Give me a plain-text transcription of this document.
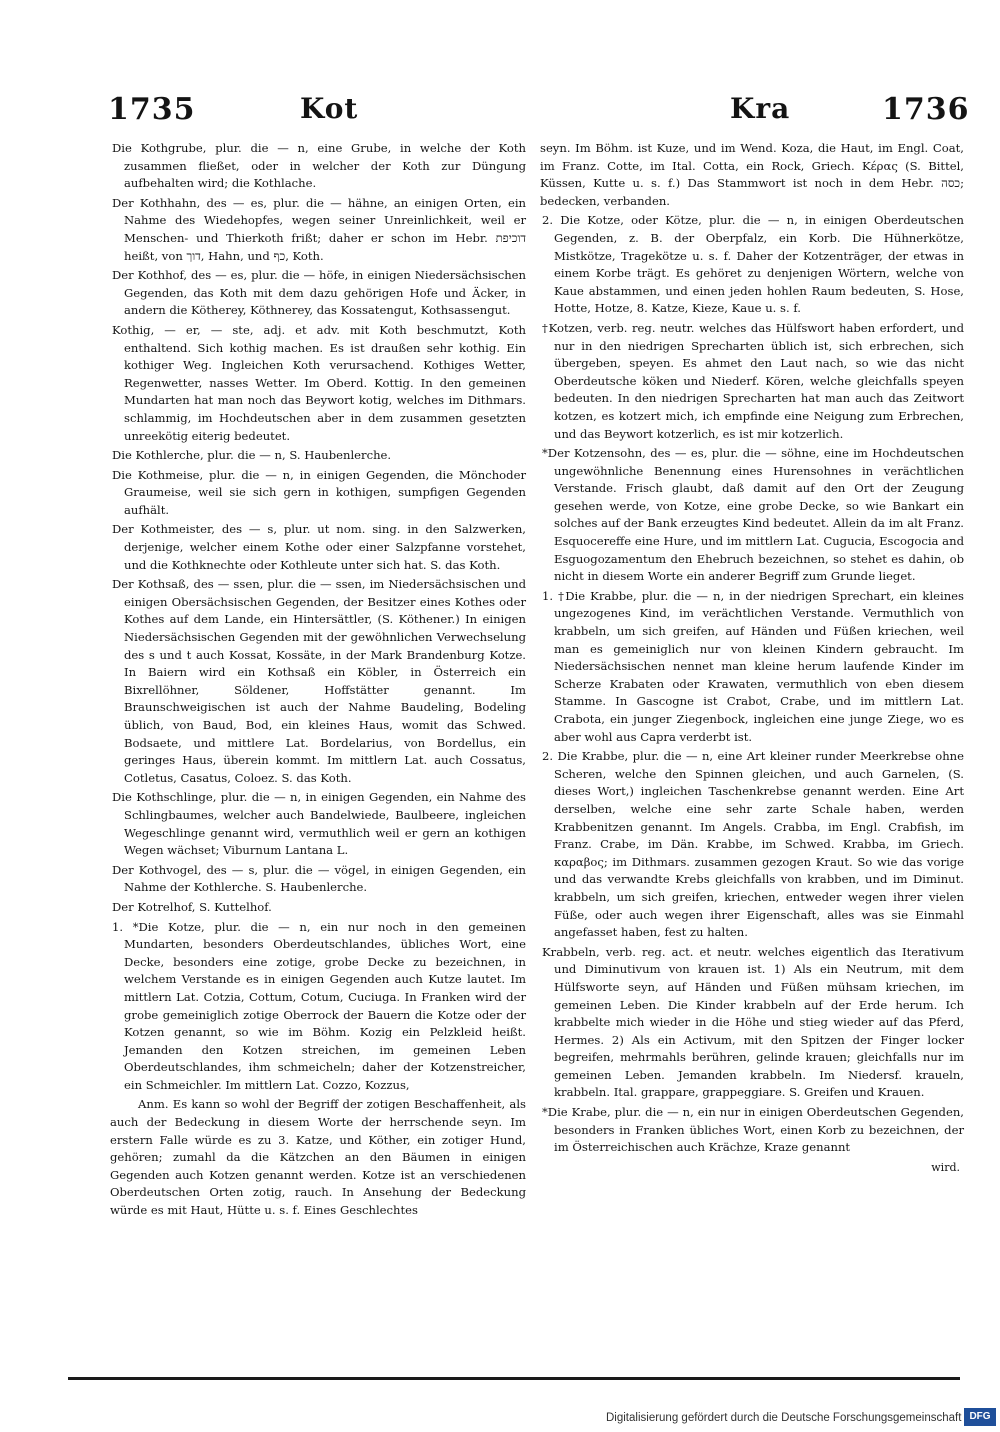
1735	Kot	Kra	1736

Die Kothgrube, plur. die — n, eine Grube, in welche der Koth zusammen fließet, oder in welcher der Koth zur Düngung aufbehalten wird; die Kothlache.

Der Kothhahn, des — es, plur. die — hähne, an einigen Orten, ein Nahme des Wiedehopfes, wegen seiner Unreinlichkeit, weil er Menschen- und Thierkoth frißt; daher er schon im Hebr. דוכיפת heißt, von דוך, Hahn, und כף, Koth.

Der Kothhof, des — es, plur. die — höfe, in einigen Niedersächsischen Gegenden, das Koth mit dem dazu gehörigen Hofe und Äcker, in andern die Kötherey, Köthnerey, das Kossatengut, Kothsassengut.

Kothig, — er, — ste, adj. et adv. mit Koth beschmutzt, Koth enthaltend. Sich kothig machen. Es ist draußen sehr kothig. Ein kothiger Weg. Ingleichen Koth verursachend. Kothiges Wetter, Regenwetter, nasses Wetter. Im Oberd. Kottig. In den gemeinen Mundarten hat man noch das Beywort kotig, welches im Dithmars. schlammig, im Hochdeutschen aber in dem zusammen gesetzten unreekötig eiterig bedeutet.

Die Kothlerche, plur. die — n, S. Haubenlerche.

Die Kothmeise, plur. die — n, in einigen Gegenden, die Mönchoder Graumeise, weil sie sich gern in kothigen, sumpfigen Gegenden aufhält.

Der Kothmeister, des — s, plur. ut nom. sing. in den Salzwerken, derjenige, welcher einem Kothe oder einer Salzpfanne vorstehet, und die Kothknechte oder Kothleute unter sich hat. S. das Koth.

Der Kothsaß, des — ssen, plur. die — ssen, im Niedersächsischen und einigen Obersächsischen Gegenden, der Besitzer eines Kothes oder Kothes auf dem Lande, ein Hintersättler, (S. Köthener.) In einigen Niedersächsischen Gegenden mit der gewöhnlichen Verwechselung des s und t auch Kossat, Kossäte, in der Mark Brandenburg Kotze. In Baiern wird ein Kothsaß ein Köbler, in Österreich ein Bixrellöhner, Söldener, Hoffstätter genannt. Im Braunschweigischen ist auch der Nahme Baudeling, Bodeling üblich, von Baud, Bod, ein kleines Haus, womit das Schwed. Bodsaete, und mittlere Lat. Bordelarius, von Bordellus, ein geringes Haus, überein kommt. Im mittlern Lat. auch Cossatus, Cotletus, Casatus, Coloez. S. das Koth.

Die Kothschlinge, plur. die — n, in einigen Gegenden, ein Nahme des Schlingbaumes, welcher auch Bandelwiede, Baulbeere, ingleichen Wegeschlinge genannt wird, vermuthlich weil er gern an kothigen Wegen wächset; Viburnum Lantana L.

Der Kothvogel, des — s, plur. die — vögel, in einigen Gegenden, ein Nahme der Kothlerche. S. Haubenlerche.

Der Kotrelhof, S. Kuttelhof.

1. *Die Kotze, plur. die — n, ein nur noch in den gemeinen Mundarten, besonders Oberdeutschlandes, übliches Wort, eine Decke, besonders eine zotige, grobe Decke zu bezeichnen, in welchem Verstande es in einigen Gegenden auch Kutze lautet. Im mittlern Lat. Cotzia, Cottum, Cotum, Cuciuga. In Franken wird der grobe gemeiniglich zotige Oberrock der Bauern die Kotze oder der Kotzen genannt, so wie im Böhm. Kozig ein Pelzkleid heißt. Jemanden den Kotzen streichen, im gemeinen Leben Oberdeutschlandes, ihm schmeicheln; daher der Kotzenstreicher, ein Schmeichler. Im mittlern Lat. Cozzo, Kozzus,

Anm. Es kann so wohl der Begriff der zotigen Beschaffenheit, als auch der Bedeckung in diesem Worte der herrschende seyn. Im erstern Falle würde es zu 3. Katze, und Köther, ein zotiger Hund, gehören; zumahl da die Kätzchen an den Bäumen in einigen Gegenden auch Kotzen genannt werden. Kotze ist an verschiedenen Oberdeutschen Orten zotig, rauch. In Ansehung der Bedeckung würde es mit Haut, Hütte u. s. f. Eines Geschlechtes

seyn. Im Böhm. ist Kuze, und im Wend. Koza, die Haut, im Engl. Coat, im Franz. Cotte, im Ital. Cotta, ein Rock, Griech. Κέρας (S. Bittel, Küssen, Kutte u. s. f.) Das Stammwort ist noch in dem Hebr. כסה; bedecken, verbanden.

2. Die Kotze, oder Kötze, plur. die — n, in einigen Oberdeutschen Gegenden, z. B. der Oberpfalz, ein Korb. Die Hühnerkötze, Mistkötze, Tragekötze u. s. f. Daher der Kotzenträger, der etwas in einem Korbe trägt. Es gehöret zu denjenigen Wörtern, welche von Kaue abstammen, und einen jeden hohlen Raum bedeuten, S. Hose, Hotte, Hotze, 8. Katze, Kieze, Kaue u. s. f.

†Kotzen, verb. reg. neutr. welches das Hülfswort haben erfordert, und nur in den niedrigen Sprecharten üblich ist, sich erbrechen, sich übergeben, speyen. Es ahmet den Laut nach, so wie das nicht Oberdeutsche köken und Niederf. Kören, welche gleichfalls speyen bedeuten. In den niedrigen Sprecharten hat man auch das Zeitwort kotzen, es kotzert mich, ich empfinde eine Neigung zum Erbrechen, und das Beywort kotzerlich, es ist mir kotzerlich.

*Der Kotzensohn, des — es, plur. die — söhne, eine im Hochdeutschen ungewöhnliche Benennung eines Hurensohnes in verächtlichen Verstande. Frisch glaubt, daß damit auf den Ort der Zeugung gesehen werde, von Kotze, eine grobe Decke, so wie Bankart ein solches auf der Bank erzeugtes Kind bedeutet. Allein da im alt Franz. Esquocereffe eine Hure, und im mittlern Lat. Cugucia, Escogocia and Esguogozamentum den Ehebruch bezeichnen, so stehet es dahin, ob nicht in diesem Worte ein anderer Begriff zum Grunde lieget.

1. †Die Krabbe, plur. die — n, in der niedrigen Sprechart, ein kleines ungezogenes Kind, im verächtlichen Verstande. Vermuthlich von krabbeln, um sich greifen, auf Händen und Füßen kriechen, weil man es gemeiniglich nur von kleinen Kindern gebraucht. Im Niedersächsischen nennet man kleine herum laufende Kinder im Scherze Krabaten oder Krawaten, vermuthlich von eben diesem Stamme. In Gascogne ist Crabot, Crabe, und im mittlern Lat. Crabota, ein junger Ziegenbock, ingleichen eine junge Ziege, wo es aber wohl aus Capra verderbt ist.

2. Die Krabbe, plur. die — n, eine Art kleiner runder Meerkrebse ohne Scheren, welche den Spinnen gleichen, und auch Garnelen, (S. dieses Wort,) ingleichen Taschenkrebse genannt werden. Eine Art derselben, welche eine sehr zarte Schale haben, werden Krabbenitzen genannt. Im Angels. Crabba, im Engl. Crabfish, im Franz. Crabe, im Dän. Krabbe, im Schwed. Krabba, im Griech. καραβος; im Dithmars. zusammen gezogen Kraut. So wie das vorige und das verwandte Krebs gleichfalls von krabben, und im Diminut. krabbeln, um sich greifen, kriechen, entweder wegen ihrer vielen Füße, oder auch wegen ihrer Eigenschaft, alles was sie Einmahl angefasset haben, fest zu halten.

Krabbeln, verb. reg. act. et neutr. welches eigentlich das Iterativum und Diminutivum von krauen ist. 1) Als ein Neutrum, mit dem Hülfsworte seyn, auf Händen und Füßen mühsam kriechen, im gemeinen Leben. Die Kinder krabbeln auf der Erde herum. Ich krabbelte mich wieder in die Höhe und stieg wieder auf das Pferd, Hermes. 2) Als ein Activum, mit den Spitzen der Finger locker begreifen, mehrmahls berühren, gelinde krauen; gleichfalls nur im gemeinen Leben. Jemanden krabbeln. Im Niedersf. kraueln, krabbeln. Ital. grappare, grappeggiare. S. Greifen und Krauen.

*Die Krabe, plur. die — n, ein nur in einigen Oberdeutschen Gegenden, besonders in Franken übliches Wort, einen Korb zu bezeichnen, der im Österreichischen auch Krächze, Kraze genannt

wird.

Digitalisierung gefördert durch die Deutsche Forschungsgemeinschaft DFG
